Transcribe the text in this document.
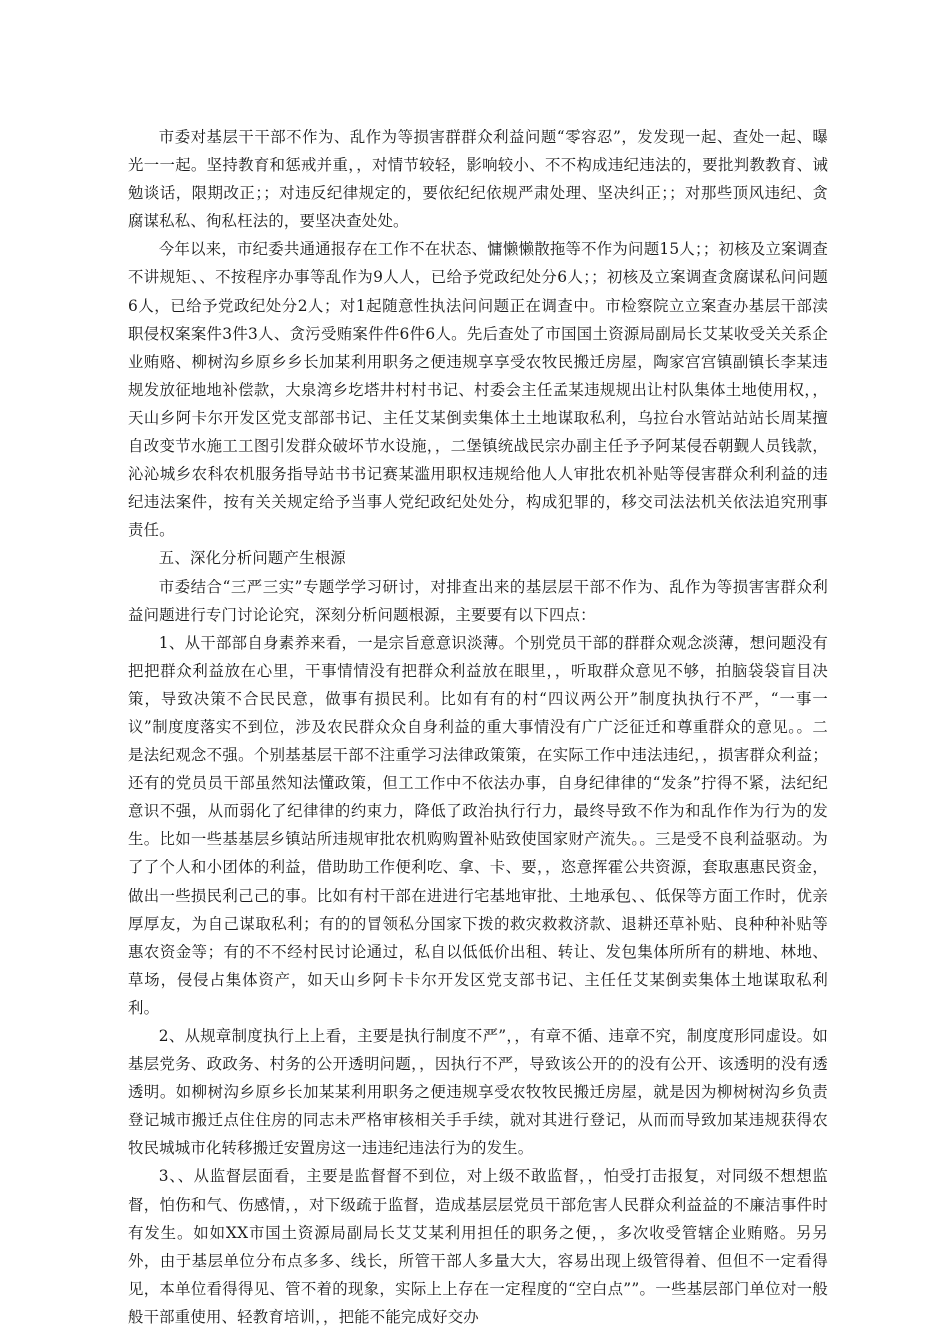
市委对基层干干部不作为、乱作为等损害群群众利益问题“零容忍”，发发现一起、查处一起、曝光一一起。坚持教育和惩戒并重，，对情节较轻，影响较小、不不构成违纪违法的，要批判教教育、诫勉谈话，限期改正；；对违反纪律规定的，要依纪纪依规严肃处理、坚决纠正；；对那些顶风违纪、贪腐谋私私、徇私枉法的，要坚决查处处。

今年以来，市纪委共通通报存在工作不在状态、慵懒懒散拖等不作为问题15人；；初核及立案调查不讲规矩、、不按程序办事等乱作为9人人，已给予党政纪处分6人；；初核及立案调查贪腐谋私问问题6人，已给予党政纪处分2人；对1起随意性执法问问题正在调查中。市检察院立立案查办基层干部渎职侵权案案件3件3人、贪污受贿案件件6件6人。先后查处了市国国土资源局副局长艾某收受关关系企业贿赂、柳树沟乡原乡乡长加某利用职务之便违规享享受农牧民搬迁房屋，陶家宫宫镇副镇长李某违规发放征地地补偿款，大泉湾乡圪塔井村村书记、村委会主任孟某违规规出让村队集体土地使用权，，天山乡阿卡尔开发区党支部部书记、主任艾某倒卖集体土土地谋取私利，乌拉台水管站站站长周某擅自改变节水施工工图引发群众破坏节水设施，，二堡镇统战民宗办副主任予予阿某侵吞朝觐人员钱款，沁沁城乡农科农机服务指导站书书记赛某滥用职权违规给他人人审批农机补贴等侵害群众利利益的违纪违法案件，按有关关规定给予当事人党纪政纪处处分，构成犯罪的，移交司法法机关依法追究刑事责任。

五、深化分析问题产生根源

市委结合“三严三实”专题学学习研讨，对排查出来的基层层干部不作为、乱作为等损害害群众利益问题进行专门讨论论究，深刻分析问题根源，主要要有以下四点：

1、从干部部自身素养来看，一是宗旨意意识淡薄。个别党员干部的群群众观念淡薄，想问题没有把把群众利益放在心里，干事情情没有把群众利益放在眼里，，听取群众意见不够，拍脑袋袋盲目决策，导致决策不合民民意，做事有损民利。比如有有的村“四议两公开”制度执执行不严，“一事一议”制度度落实不到位，涉及农民群众众自身利益的重大事情没有广广泛征迁和尊重群众的意见。。二是法纪观念不强。个别基基层干部不注重学习法律政策策，在实际工作中违法违纪，，损害群众利益；还有的党员员干部虽然知法懂政策，但工工作中不依法办事，自身纪律律的“发条”拧得不紧，法纪纪意识不强，从而弱化了纪律律的约束力，降低了政治执行行力，最终导致不作为和乱作作为行为的发生。比如一些基基层乡镇站所违规审批农机购购置补贴致使国家财产流失。。三是受不良利益驱动。为了了个人和小团体的利益，借助助工作便利吃、拿、卡、要，，恣意挥霍公共资源，套取惠惠民资金，做出一些损民利己己的事。比如有村干部在进进行宅基地审批、土地承包、、低保等方面工作时，优亲厚厚友，为自己谋取私利；有的的冒领私分国家下拨的救灾救救济款、退耕还草补贴、良种种补贴等惠农资金等；有的不不经村民讨论通过，私自以低低价出租、转让、发包集体所所有的耕地、林地、草场，侵侵占集体资产，如天山乡阿卡卡尔开发区党支部书记、主任任艾某倒卖集体土地谋取私利利。

2、从规章制度执行上上看，主要是执行制度不严”，，有章不循、违章不究，制度度形同虚设。如基层党务、政政务、村务的公开透明问题，，因执行不严，导致该公开的的没有公开、该透明的没有透透明。如柳树沟乡原乡长加某某利用职务之便违规享受农牧牧民搬迁房屋，就是因为柳树树沟乡负责登记城市搬迁点住住房的同志未严格审核相关手手续，就对其进行登记，从而而导致加某违规获得农牧民城城市化转移搬迁安置房这一违违纪违法行为的发生。

3、、从监督层面看，主要是监督督不到位，对上级不敢监督，，怕受打击报复，对同级不想想监督，怕伤和气、伤感情，，对下级疏于监督，造成基层层党员干部危害人民群众利益益的不廉洁事件时有发生。如如XX市国土资源局副局长艾艾某利用担任的职务之便，，多次收受管辖企业贿赂。另另外，由于基层单位分布点多多、线长，所管干部人多量大大，容易出现上级管得着、但但不一定看得见，本单位看得得见、管不着的现象，实际上上存在一定程度的“空白点””。一些基层部门单位对一般般干部重使用、轻教育培训，，把能不能完成好交办
